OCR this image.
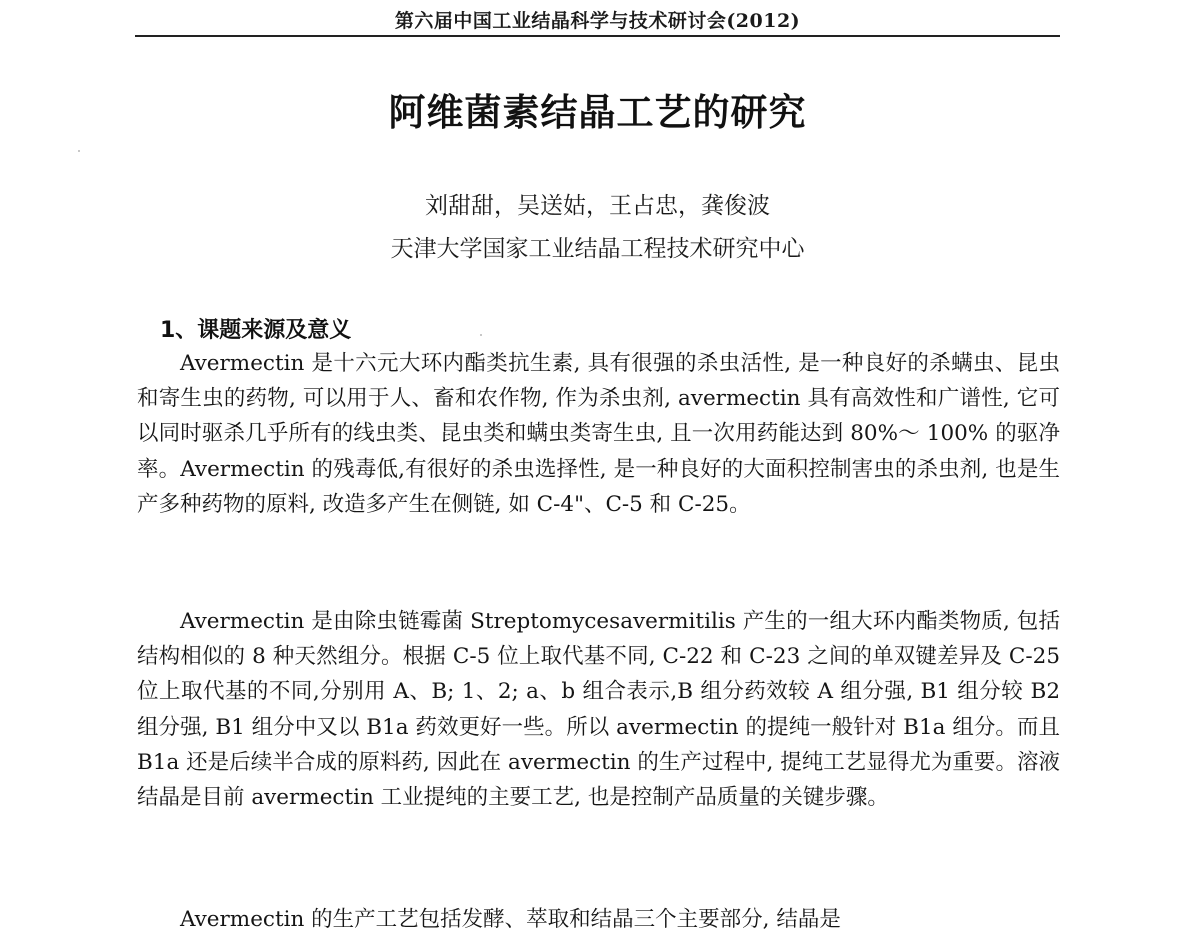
第六届中国工业结晶科学与技术研讨会(2012)
阿维菌素结晶工艺的研究
刘甜甜，吴送姑，王占忠，龚俊波
天津大学国家工业结晶工程技术研究中心
1、课题来源及意义

Avermectin 是十六元大环内酯类抗生素, 具有很强的杀虫活性, 是一种良好的杀螨虫、昆虫和寄生虫的药物, 可以用于人、畜和农作物, 作为杀虫剂, avermectin 具有高效性和广谱性, 它可以同时驱杀几乎所有的线虫类、昆虫类和螨虫类寄生虫, 且一次用药能达到 80%～ 100% 的驱净率。Avermectin 的残毒低,有很好的杀虫选择性, 是一种良好的大面积控制害虫的杀虫剂, 也是生产多种药物的原料, 改造多产生在侧链, 如 C-4"、C-5 和 C-25。

Avermectin 是由除虫链霉菌 Streptomycesavermitilis 产生的一组大环内酯类物质, 包括结构相似的 8 种天然组分。根据 C-5 位上取代基不同, C-22 和 C-23 之间的单双键差异及 C-25 位上取代基的不同,分别用 A、B; 1、2; a、b 组合表示,B 组分药效较 A 组分强, B1 组分较 B2 组分强, B1 组分中又以 B1a 药效更好一些。所以 avermectin 的提纯一般针对 B1a 组分。而且 B1a 还是后续半合成的原料药, 因此在 avermectin 的生产过程中, 提纯工艺显得尤为重要。溶液结晶是目前 avermectin 工业提纯的主要工艺, 也是控制产品质量的关键步骤。

Avermectin 的生产工艺包括发酵、萃取和结晶三个主要部分, 结晶是
